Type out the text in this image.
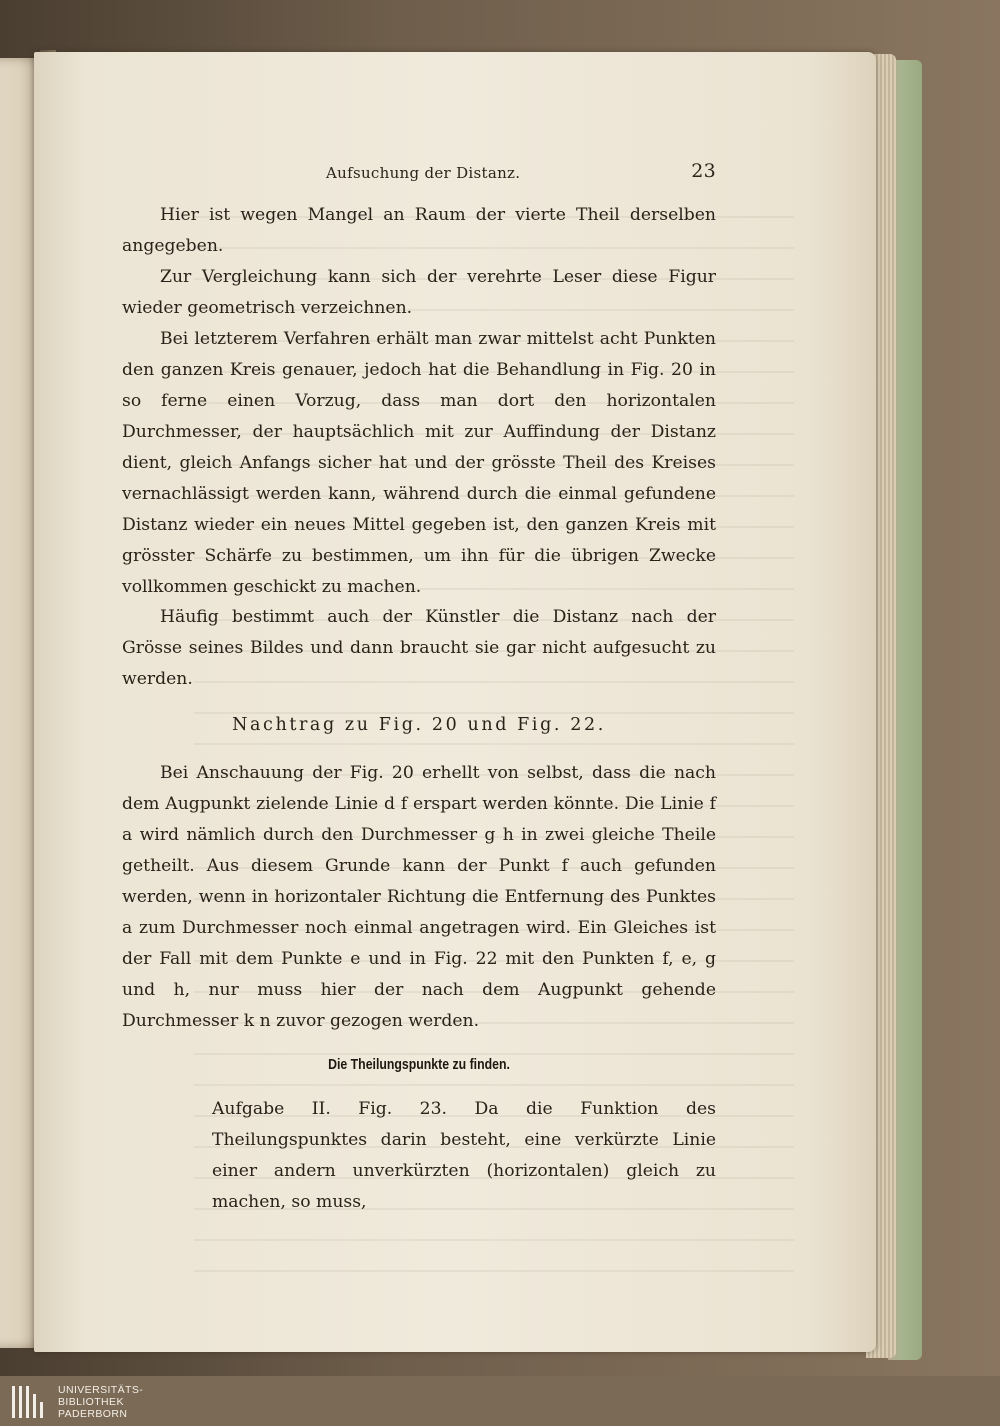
Aufsuchung der Distanz.	23

Hier ist wegen Mangel an Raum der vierte Theil derselben angegeben.

Zur Vergleichung kann sich der verehrte Leser diese Figur wieder geometrisch verzeichnen.

Bei letzterem Verfahren erhält man zwar mittelst acht Punkten den ganzen Kreis genauer, jedoch hat die Behandlung in Fig. 20 in so ferne einen Vorzug, dass man dort den horizontalen Durchmesser, der hauptsächlich mit zur Auffindung der Distanz dient, gleich Anfangs sicher hat und der grösste Theil des Kreises vernachlässigt werden kann, während durch die einmal gefundene Distanz wieder ein neues Mittel gegeben ist, den ganzen Kreis mit grösster Schärfe zu bestimmen, um ihn für die übrigen Zwecke vollkommen geschickt zu machen.

Häufig bestimmt auch der Künstler die Distanz nach der Grösse seines Bildes und dann braucht sie gar nicht aufgesucht zu werden.

Nachtrag zu Fig. 20 und Fig. 22.

Bei Anschauung der Fig. 20 erhellt von selbst, dass die nach dem Augpunkt zielende Linie d f erspart werden könnte. Die Linie f a wird nämlich durch den Durchmesser g h in zwei gleiche Theile getheilt. Aus diesem Grunde kann der Punkt f auch gefunden werden, wenn in horizontaler Richtung die Entfernung des Punktes a zum Durchmesser noch einmal angetragen wird. Ein Gleiches ist der Fall mit dem Punkte e und in Fig. 22 mit den Punkten f, e, g und h, nur muss hier der nach dem Augpunkt gehende Durchmesser k n zuvor gezogen werden.

Die Theilungspunkte zu finden.

Aufgabe II. Fig. 23. Da die Funktion des Theilungspunktes darin besteht, eine verkürzte Linie einer andern unverkürzten (horizontalen) gleich zu machen, so muss,

UNIVERSITÄTS-
BIBLIOTHEK
PADERBORN
